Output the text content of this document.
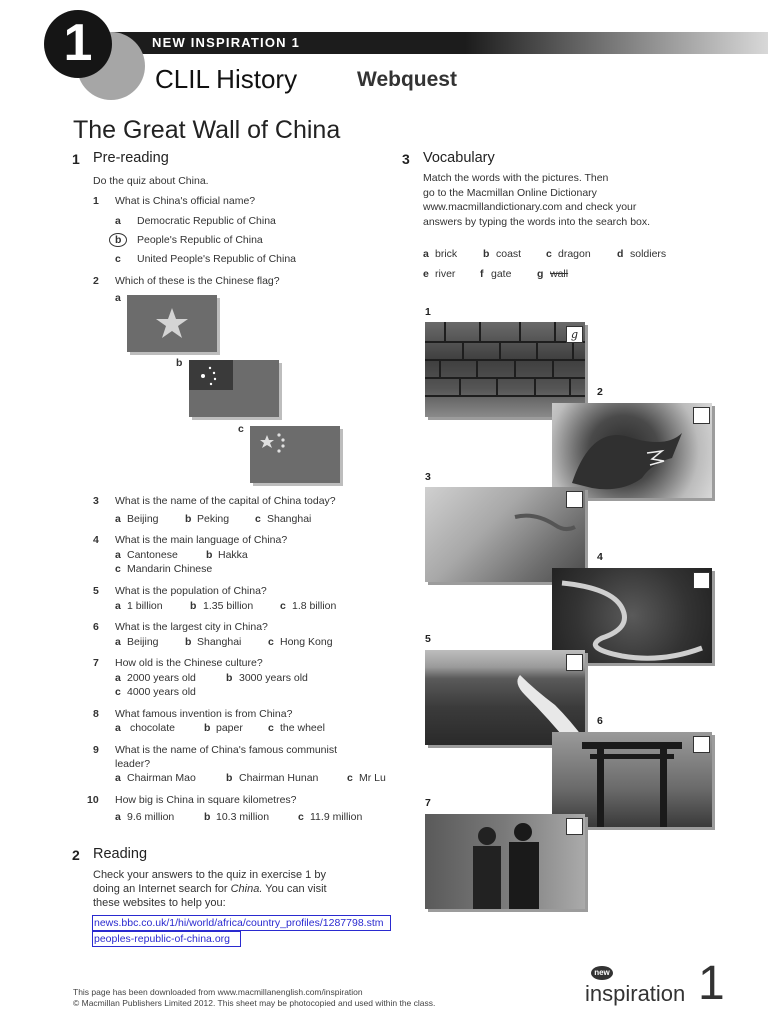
NEW INSPIRATION 1
1
CLIL History	Webquest
The Great Wall of China
1 Pre-reading
Do the quiz about China.
1 What is China's official name?
a Democratic Republic of China
b People's Republic of China
c United People's Republic of China
2 Which of these is the Chinese flag?
a
b
c
3 What is the name of the capital of China today?
a Beijing	b Peking c Shanghai
4 What is the main language of China?
a Cantonese	b Hakka
c Mandarin Chinese
5 What is the population of China?
a 1 billion	b 1.35 billion	c 1.8 billion
6 What is the largest city in China?
a Beijing	b Shanghai	c Hong Kong
7 How old is the Chinese culture?
a 2000 years old	b 3000 years old
c 4000 years old
8 What famous invention is from China?
a chocolate	b paper c the wheel
9 What is the name of China's famous communist
leader?
a Chairman Mao	b Chairman Hunan	c Mr Lu
10 How big is China in square kilometres?
a 9.6 million	b 10.3 million	c 11.9 million
2 Reading
Check your answers to the quiz in exercise 1 by
doing an Internet search for China. You can visit
these websites to help you:
news.bbc.co.uk/1/hi/world/africa/country_profiles/1287798.stm
peoples-republic-of-china.org
3 Vocabulary
Match the words with the pictures. Then
go to the Macmillan Online Dictionary
www.macmillandictionary.com and check your
answers by typing the words into the search box.
a brick b coast c dragon	d soldiers
e river f gate g wall
1
g
2
3
4
5
6
7
This page has been downloaded from www.macmillanenglish.com/inspiration
© Macmillan Publishers Limited 2012. This sheet may be photocopied and used within the class.
new
inspiration 1
